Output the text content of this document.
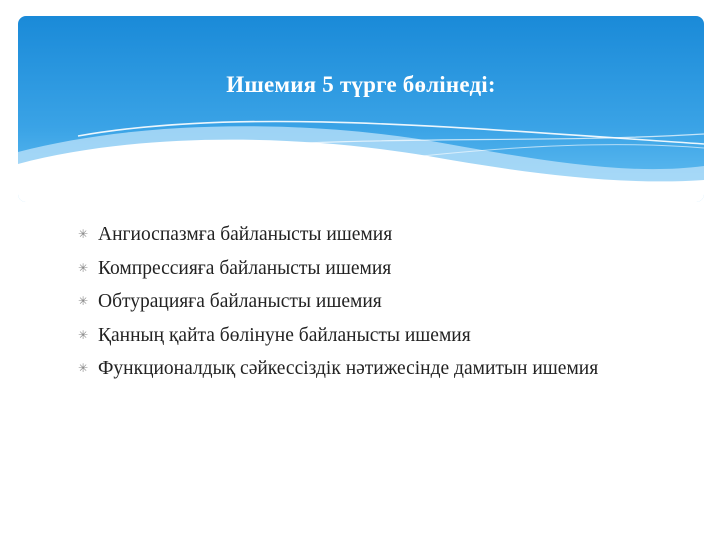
Ишемия 5 түрге бөлінеді:
✳ Ангиоспазмға байланысты ишемия
✳ Компрессияға байланысты ишемия
✳ Обтурацияға байланысты ишемия
✳ Қанның қайта бөлінуне байланысты ишемия
✳ Функционалдық сәйкессіздік нәтижесінде дамитын ишемия
